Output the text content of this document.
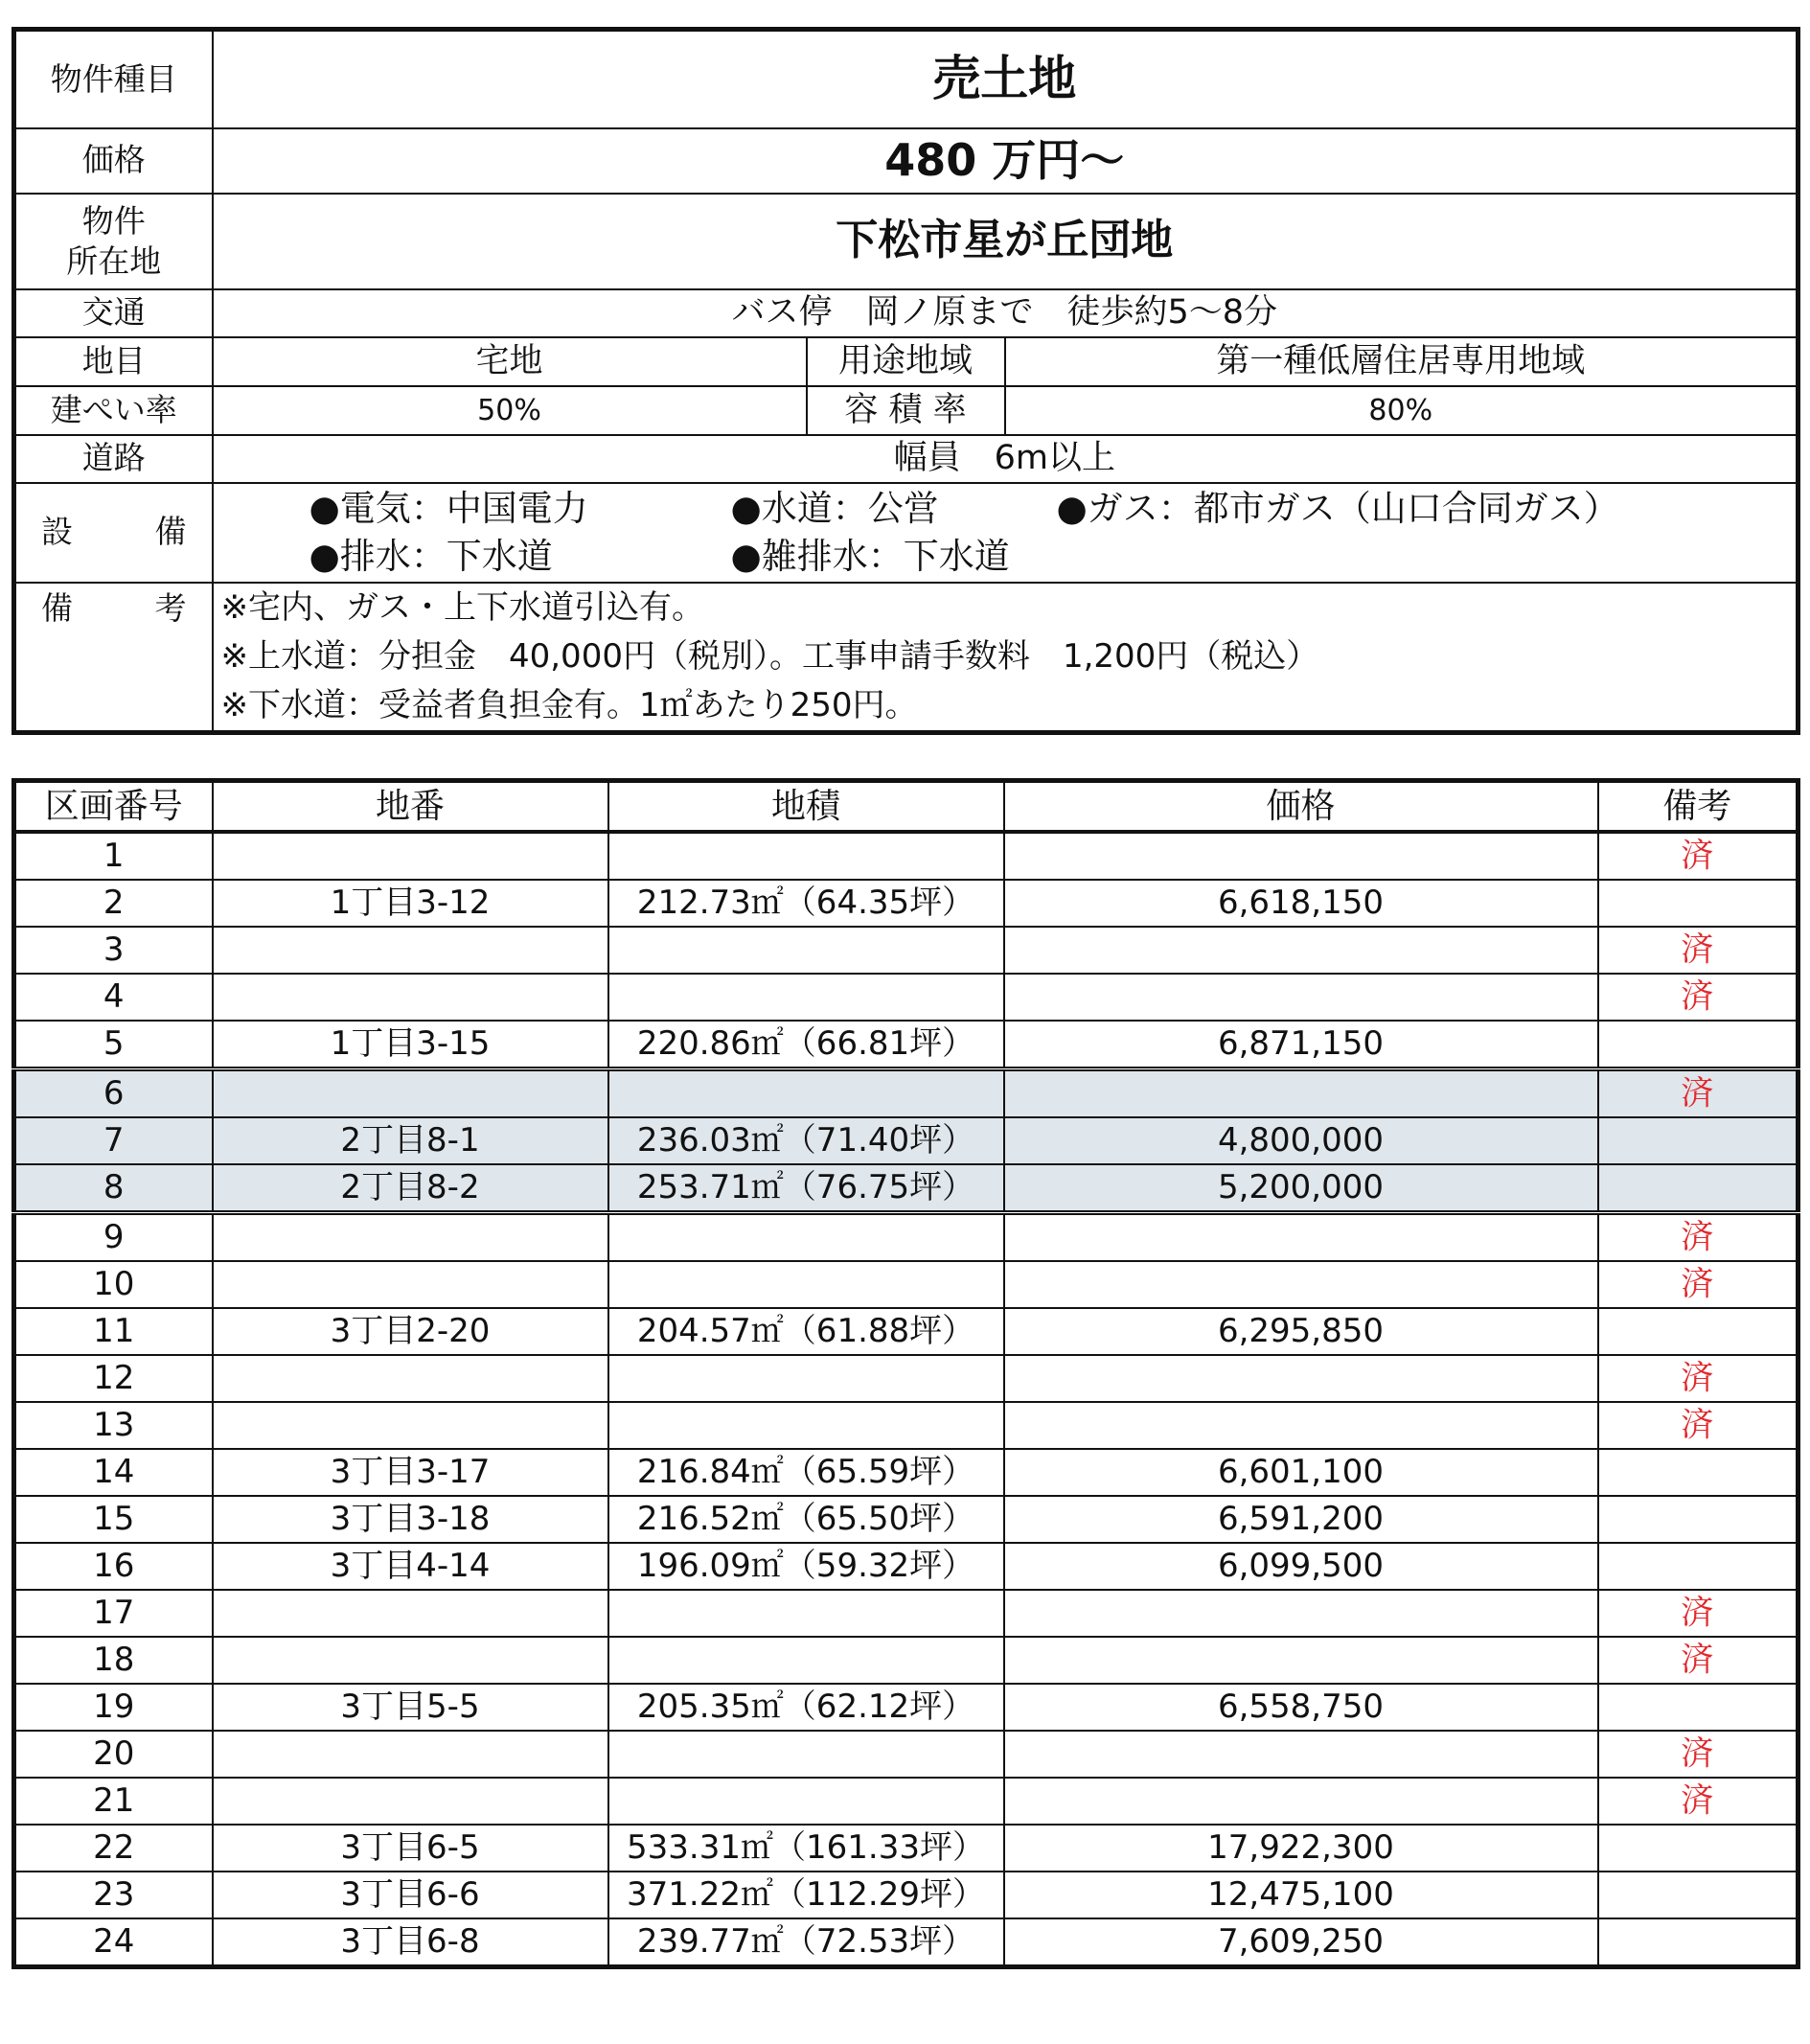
物件種目	売土地		
価格	480 万円～		

物件
所在地	下松市星が丘団地		
交通	バス停　岡ノ原まで　徒歩約5～8分		
地目	宅地	用途地域	第一種低層住居専用地域
建ぺい率	50%	容 積 率	80%
道路	幅員　6m以上		
設　　備	●電気：中国電力 ●水道：公営 ●ガス：都市ガス（山口合同ガス）
●排水：下水道 ●雑排水：下水道		

備　　考	※宅内、ガス・上下水道引込有。
※上水道：分担金　40,000円（税別）。工事申請手数料　1,200円（税込）
※下水道：受益者負担金有。1㎡あたり250円。		
区画番号	地番	地積	価格	備考
1				済
2	1丁目3-12	212.73㎡（64.35坪）	6,618,150	
3				済
4				済
5	1丁目3-15	220.86㎡（66.81坪）	6,871,150	
6				済
7	2丁目8-1	236.03㎡（71.40坪）	4,800,000	
8	2丁目8-2	253.71㎡（76.75坪）	5,200,000	
9				済
10				済
11	3丁目2-20	204.57㎡（61.88坪）	6,295,850	
12				済
13				済
14	3丁目3-17	216.84㎡（65.59坪）	6,601,100	
15	3丁目3-18	216.52㎡（65.50坪）	6,591,200	
16	3丁目4-14	196.09㎡（59.32坪）	6,099,500	
17				済
18				済
19	3丁目5-5	205.35㎡（62.12坪）	6,558,750	
20				済
21				済
22	3丁目6-5	533.31㎡（161.33坪）	17,922,300	
23	3丁目6-6	371.22㎡（112.29坪）	12,475,100	
24	3丁目6-8	239.77㎡（72.53坪）	7,609,250	
